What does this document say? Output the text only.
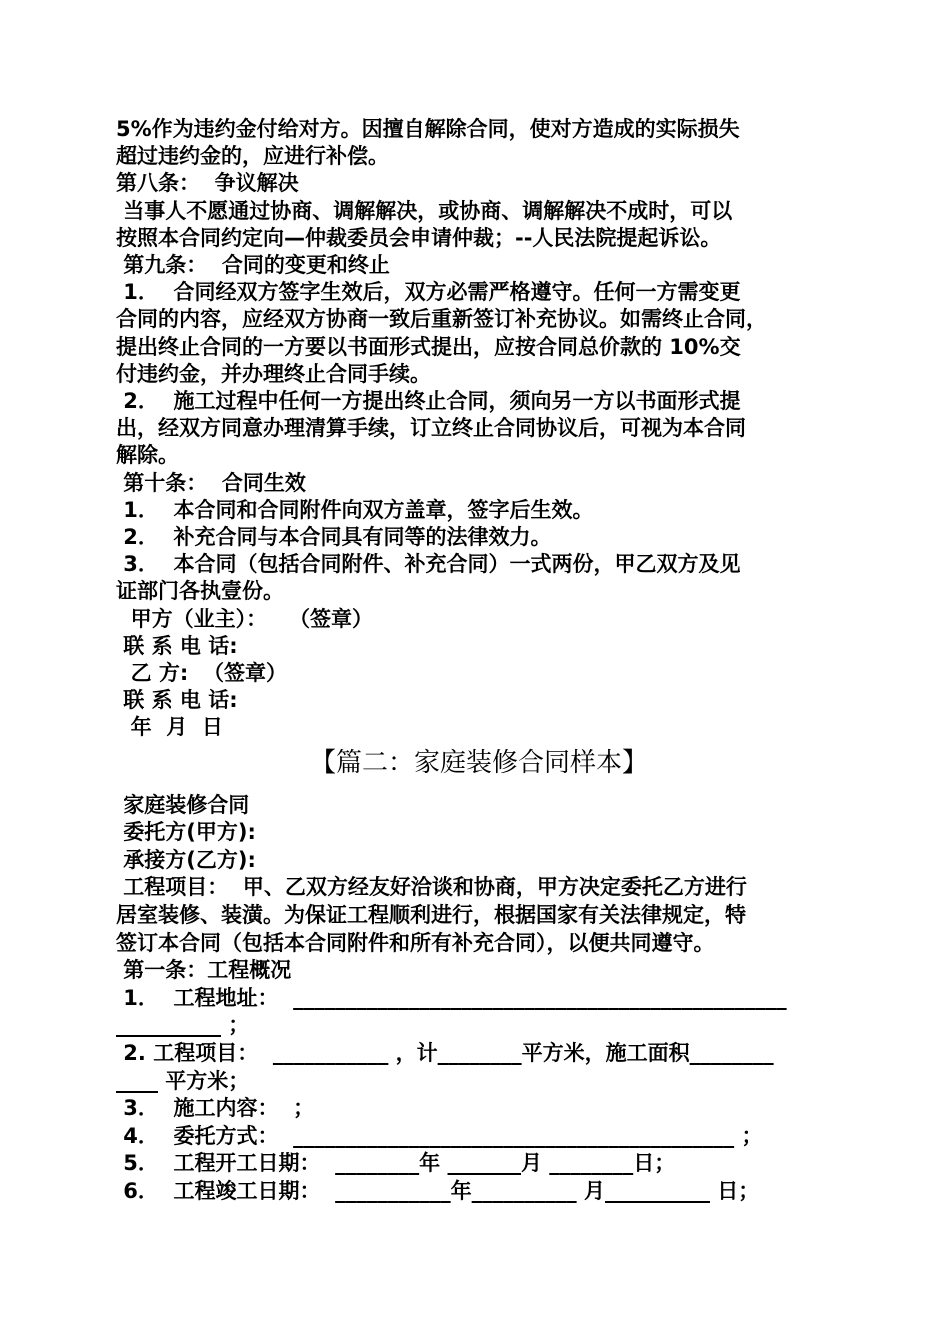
5%作为违约金付给对方。因擅自解除合同，使对方造成的实际损失
超过违约金的，应进行补偿。
第八条：  争议解决
当事人不愿通过协商、调解解决，或协商、调解解决不成时，可以
按照本合同约定向—仲裁委员会申请仲裁；--人民法院提起诉讼。
第九条：  合同的变更和终止
1．  合同经双方签字生效后，双方必需严格遵守。任何一方需变更
合同的内容，应经双方协商一致后重新签订补充协议。如需终止合同，
提出终止合同的一方要以书面形式提出，应按合同总价款的 10%交
付违约金，并办理终止合同手续。
2．  施工过程中任何一方提出终止合同，须向另一方以书面形式提
出，经双方同意办理清算手续，订立终止合同协议后，可视为本合同
解除。
第十条：  合同生效
1．  本合同和合同附件向双方盖章，签字后生效。
2．  补充合同与本合同具有同等的法律效力。
3．  本合同（包括合同附件、补充合同）一式两份，甲乙双方及见
证部门各执壹份。
甲方（业主）：   （签章）
联 系 电 话:
乙 方:  （签章）
联 系 电 话:
年  月  日
【篇二：家庭装修合同样本】
家庭装修合同
委托方(甲方):
承接方(乙方):
工程项目：  甲、乙双方经友好洽谈和协商，甲方决定委托乙方进行
居室装修、装潢。为保证工程顺利进行，根据国家有关法律规定，特
签订本合同（包括本合同附件和所有补充合同），以便共同遵守。
第一条：工程概况
1．  工程地址：  _______________________________________________
__________ ；
2. 工程项目：  ___________ ，计________平方米，施工面积________
____ 平方米；
3．  施工内容：  ；
4．  委托方式：  __________________________________________ ；
5．  工程开工日期：  ________年 _______月 ________日；
6．  工程竣工日期：  ___________年__________ 月__________ 日；
